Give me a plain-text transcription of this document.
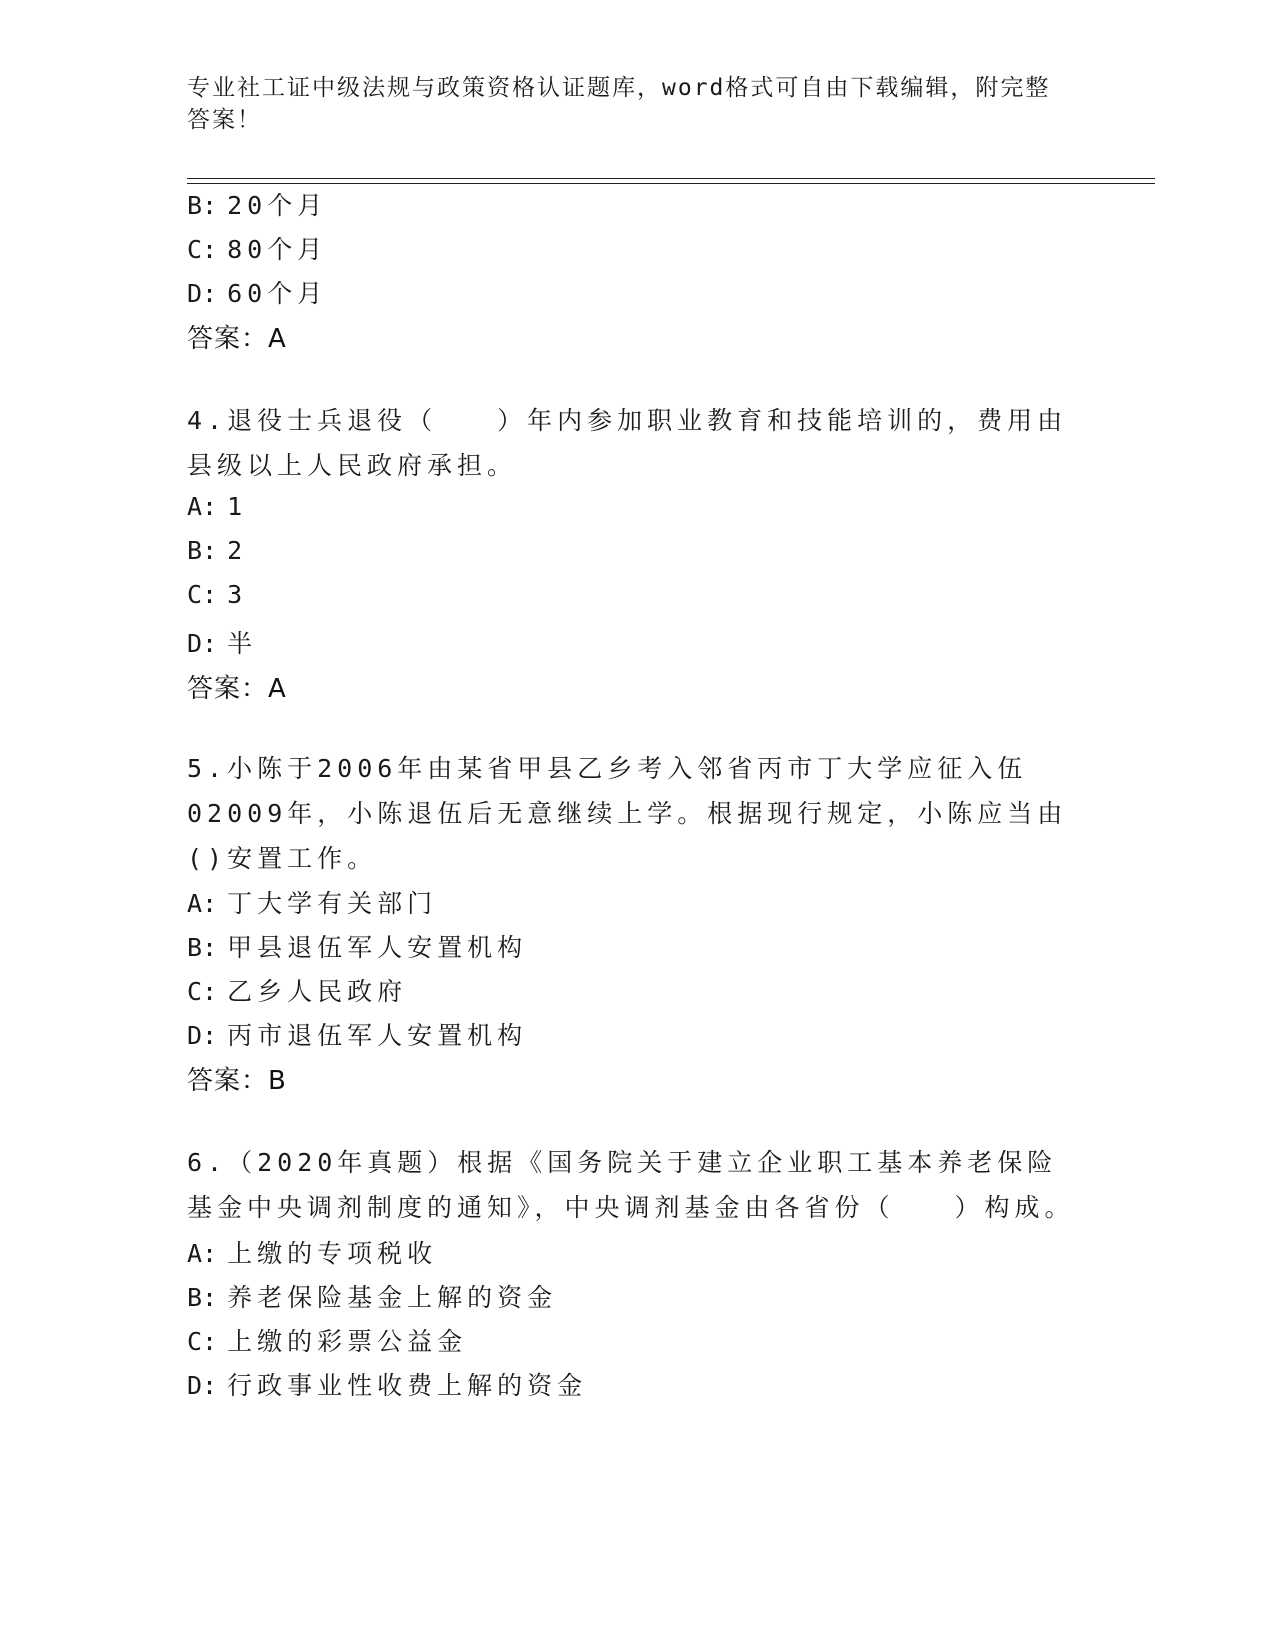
专业社工证中级法规与政策资格认证题库，word格式可自由下载编辑，附完整答案！
B: 20个月
C: 80个月
D: 60个月
答案：A
4.退役士兵退役（　　）年内参加职业教育和技能培训的，费用由县级以上人民政府承担。
A: 1
B: 2
C: 3
D: 半
答案：A
5.小陈于2006年由某省甲县乙乡考入邻省丙市丁大学应征入伍02009年，小陈退伍后无意继续上学。根据现行规定，小陈应当由()安置工作。
A: 丁大学有关部门
B: 甲县退伍军人安置机构
C: 乙乡人民政府
D: 丙市退伍军人安置机构
答案：B
6.（2020年真题）根据《国务院关于建立企业职工基本养老保险基金中央调剂制度的通知》，中央调剂基金由各省份（　　）构成。
A: 上缴的专项税收
B: 养老保险基金上解的资金
C: 上缴的彩票公益金
D: 行政事业性收费上解的资金
